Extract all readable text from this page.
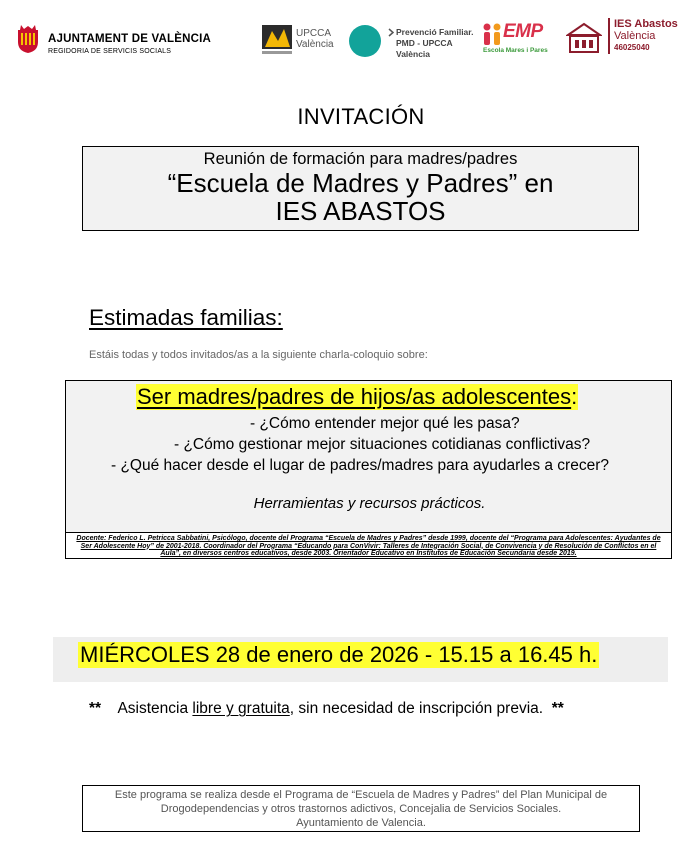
AJUNTAMENT DE VALÈNCIA
REGIDORIA DE SERVICIS SOCIALS
UPCCA
València
Prevenció Familiar.
PMD - UPCCA
València
EMP
Escola Mares i Pares
IES Abastos
València
46025040
INVITACIÓN
Reunión de formación para madres/padres
“Escuela de Madres y Padres” en
IES ABASTOS
Estimadas familias:
Estáis todas y todos invitados/as a la siguiente charla-coloquio sobre:
Ser madres/padres de hijos/as adolescentes:
- ¿Cómo entender mejor qué les pasa?
- ¿Cómo gestionar mejor situaciones cotidianas conflictivas?
- ¿Qué hacer desde el lugar de padres/madres para ayudarles a crecer?
Herramientas y recursos prácticos.
Docente: Federico L. Petricca Sabbatini, Psicólogo, docente del Programa “Escuela de Madres y Padres” desde 1999, docente del “Programa para Adolescentes: Ayudantes de Ser Adolescente Hoy” de 2001-2018. Coordinador del Programa “Educando para ConVivir: Talleres de Integración Social, de Convivencia y de Resolución de Conflictos en el Aula”, en diversos centros educativos, desde 2003. Orientador Educativo en Institutos de Educación Secundaria desde 2019.
MIÉRCOLES 28 de enero de 2026 - 15.15 a 16.45 h.
** Asistencia libre y gratuita, sin necesidad de inscripción previa. **
Este programa se realiza desde el Programa de “Escuela de Madres y Padres” del Plan Municipal de
Drogodependencias y otros trastornos adictivos, Concejalia de Servicios Sociales.
Ayuntamiento de Valencia.
